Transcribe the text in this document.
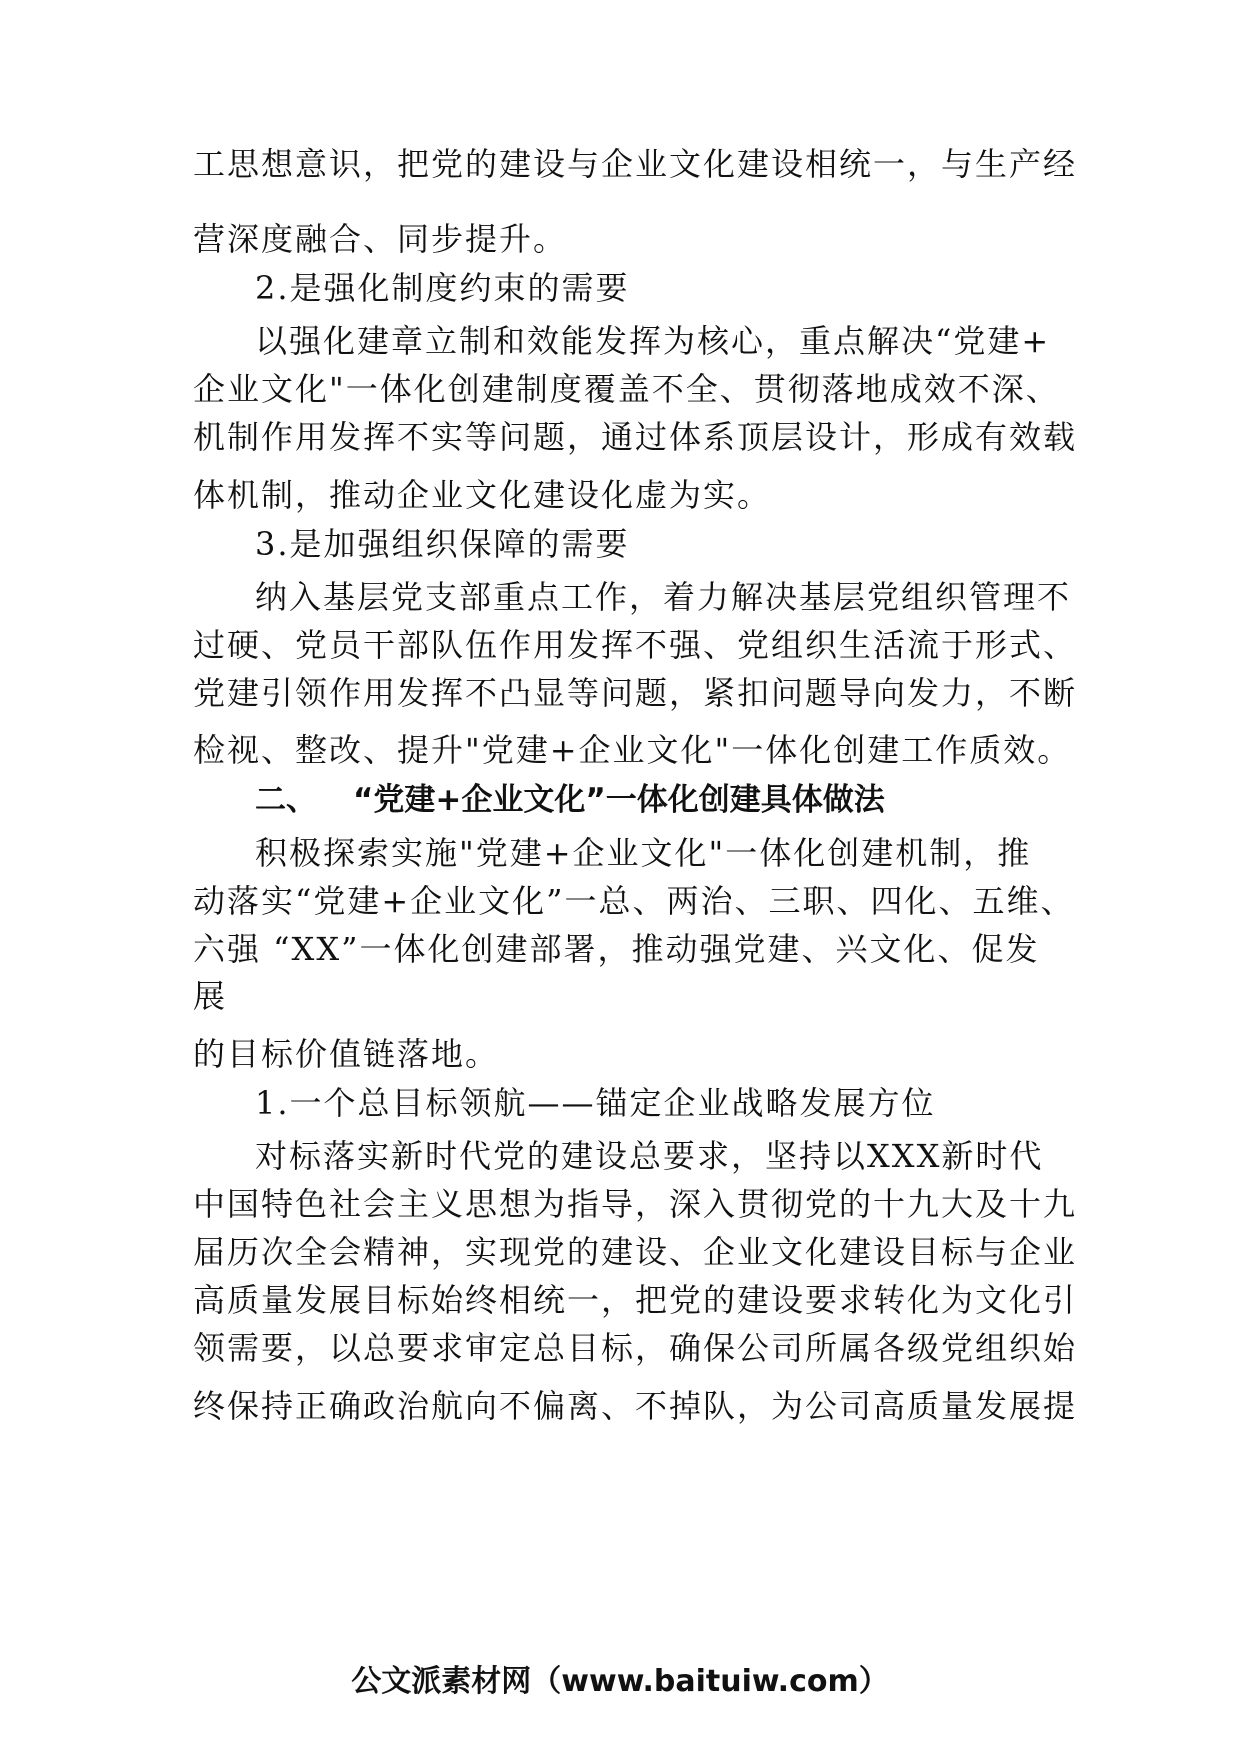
工思想意识，把党的建设与企业文化建设相统一，与生产经
营深度融合、同步提升。
2.是强化制度约束的需要
以强化建章立制和效能发挥为核心，重点解决“党建+
企业文化"一体化创建制度覆盖不全、贯彻落地成效不深、
机制作用发挥不实等问题，通过体系顶层设计，形成有效载
体机制，推动企业文化建设化虚为实。
3.是加强组织保障的需要
纳入基层党支部重点工作，着力解决基层党组织管理不
过硬、党员干部队伍作用发挥不强、党组织生活流于形式、
党建引领作用发挥不凸显等问题，紧扣问题导向发力，不断
检视、整改、提升"党建+企业文化"一体化创建工作质效。
二、 “党建+企业文化”一体化创建具体做法
积极探索实施"党建+企业文化"一体化创建机制，推
动落实“党建+企业文化”一总、两治、三职、四化、五维、
六强 “XX”一体化创建部署，推动强党建、兴文化、促发
展
的目标价值链落地。
1.一个总目标领航——锚定企业战略发展方位
对标落实新时代党的建设总要求，坚持以XXX新时代
中国特色社会主义思想为指导，深入贯彻党的十九大及十九
届历次全会精神，实现党的建设、企业文化建设目标与企业
高质量发展目标始终相统一，把党的建设要求转化为文化引
领需要，以总要求审定总目标，确保公司所属各级党组织始
终保持正确政治航向不偏离、不掉队，为公司高质量发展提
公文派素材网（www.baituiw.com）
